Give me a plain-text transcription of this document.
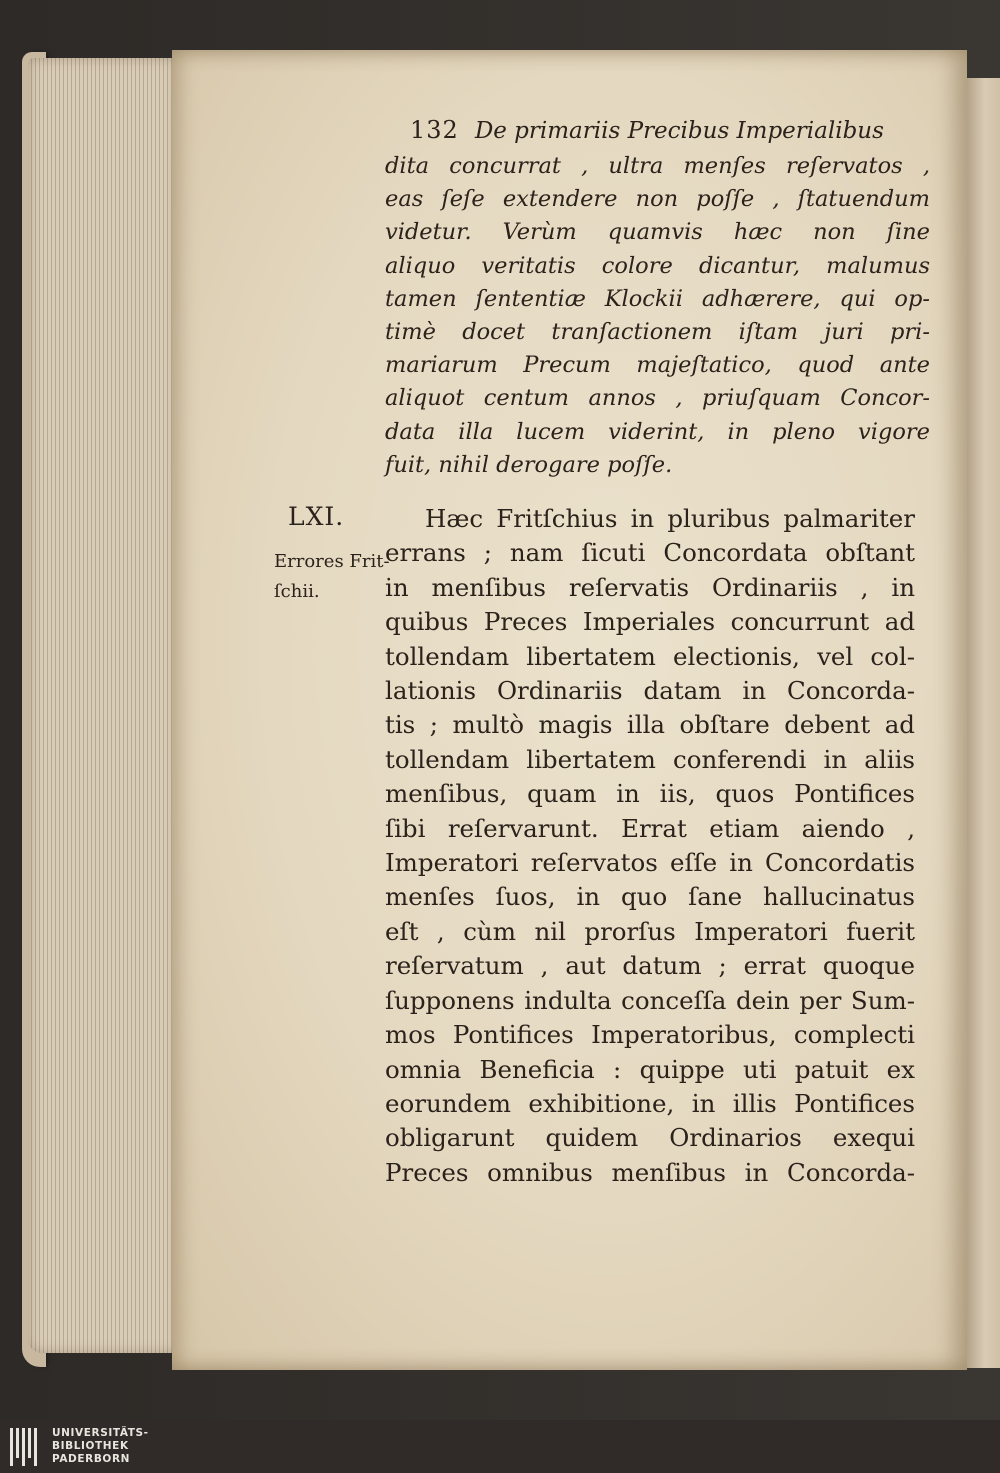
132 De primariis Precibus Imperialibus
dita concurrat , ultra menſes reſervatos ,
eas ſeſe extendere non poſſe , ſtatuendum
videtur. Verùm quamvis hæc non ſine
aliquo veritatis colore dicantur, malumus
tamen ſententiæ Klockii adhærere, qui op-
timè docet tranſactionem iſtam juri pri-
mariarum Precum majeſtatico, quod ante
aliquot centum annos , priuſquam Concor-
data illa lucem viderint, in pleno vigore
fuit, nihil derogare poſſe.
LXI.
Errores Frit-
ſchii.
Hæc Fritſchius in pluribus palmariter
errans ; nam ſicuti Concordata obſtant
in menſibus reſervatis Ordinariis , in
quibus Preces Imperiales concurrunt ad
tollendam libertatem electionis, vel col-
lationis Ordinariis datam in Concorda-
tis ; multò magis illa obſtare debent ad
tollendam libertatem conferendi in aliis
menſibus, quam in iis, quos Pontifices
ſibi reſervarunt. Errat etiam aiendo ,
Imperatori reſervatos eſſe in Concordatis
menſes ſuos, in quo ſane hallucinatus
eſt , cùm nil prorſus Imperatori fuerit
reſervatum , aut datum ; errat quoque
ſupponens indulta conceſſa dein per Sum-
mos Pontifices Imperatoribus, complecti
omnia Beneficia : quippe uti patuit ex
eorundem exhibitione, in illis Pontifices
obligarunt quidem Ordinarios exequi
Preces omnibus menſibus in Concorda-
UNIVERSITÄTS-
BIBLIOTHEK
PADERBORN
